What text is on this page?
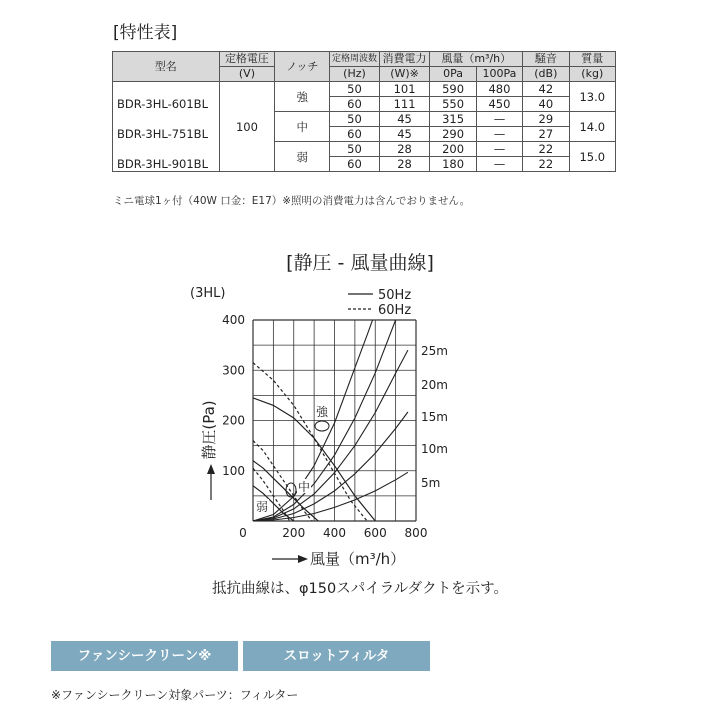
[特性表]
型名	定格電圧	ノッチ	定格周波数	消費電力	風量（m³/h）		騒音	質量
	(V)		(Hz)	(W)※	0Pa	100Pa	(dB)	(kg)
	100	強	50	101	590	480	42	13.0
BDR-3HL-601BL			60	111	550	450	40	
		中	50	45	315	—	29	14.0
BDR-3HL-751BL			60	45	290	—	27	
		弱	50	28	200	—	22	15.0
BDR-3HL-901BL			60	28	180	—	22	
ミニ電球1ヶ付（40W 口金：E17）※照明の消費電力は含んでおりません。
[静圧 - 風量曲線]
0	200 400 600 800
100
200
300
400
(3HL)	50Hz
60Hz
25m
20m
15m
10m
5m
強
中
弱
静圧(Pa)
風量（m³/h）
抵抗曲線は、φ150スパイラルダクトを示す。
ファンシークリーン※	スロットフィルタ
※ファンシークリーン対象パーツ：フィルター
